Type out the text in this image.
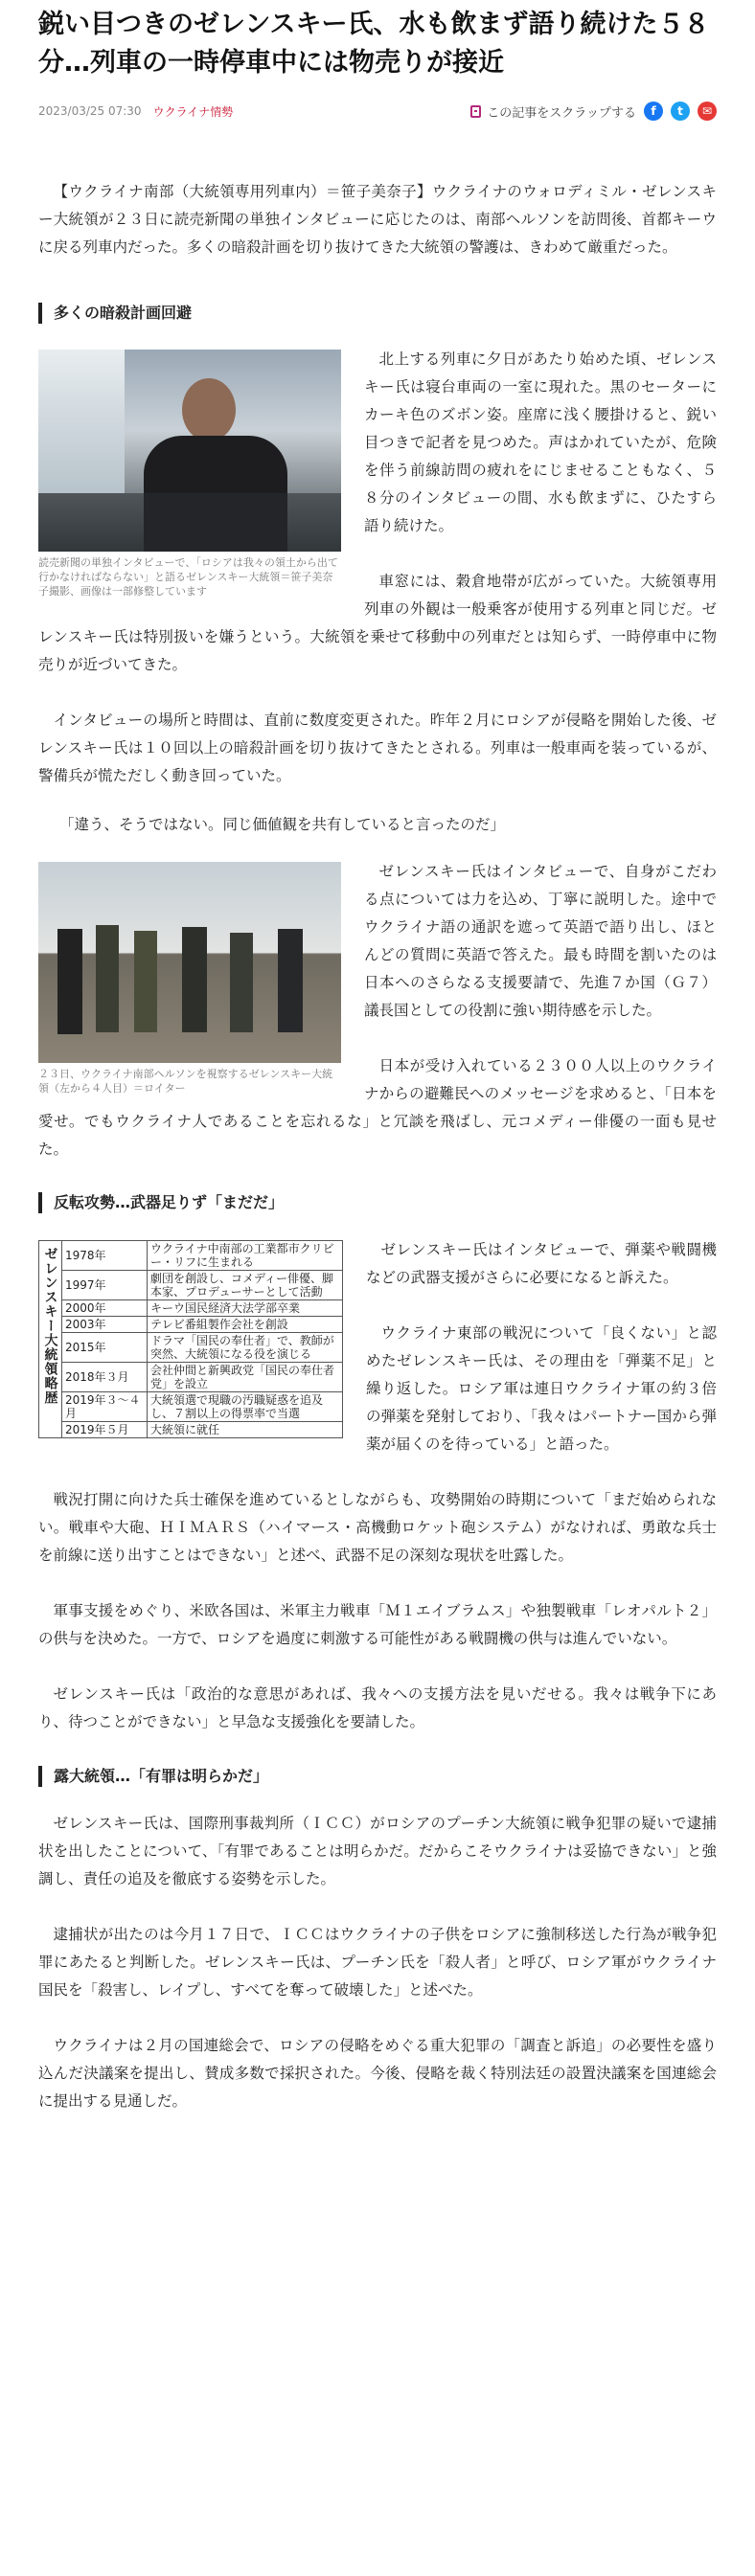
鋭い目つきのゼレンスキー氏、水も飲まず語り続けた５８分…列車の一時停車中には物売りが接近
2023/03/25 07:30 ウクライナ情勢	この記事をスクラップする	f	t	✉

【ウクライナ南部（大統領専用列車内）＝笹子美奈子】ウクライナのウォロディミル・ゼレンスキー大統領が２３日に読売新聞の単独インタビューに応じたのは、南部ヘルソンを訪問後、首都キーウに戻る列車内だった。多くの暗殺計画を切り抜けてきた大統領の警護は、きわめて厳重だった。

多くの暗殺計画回避
読売新聞の単独インタビューで、「ロシアは我々の領土から出て行かなければならない」と語るゼレンスキー大統領＝笹子美奈子撮影、画像は一部修整しています

北上する列車に夕日があたり始めた頃、ゼレンスキー氏は寝台車両の一室に現れた。黒のセーターにカーキ色のズボン姿。座席に浅く腰掛けると、鋭い目つきで記者を見つめた。声はかれていたが、危険を伴う前線訪問の疲れをにじませることもなく、５８分のインタビューの間、水も飲まずに、ひたすら語り続けた。

車窓には、穀倉地帯が広がっていた。大統領専用列車の外観は一般乗客が使用する列車と同じだ。ゼレンスキー氏は特別扱いを嫌うという。大統領を乗せて移動中の列車だとは知らず、一時停車中に物売りが近づいてきた。

インタビューの場所と時間は、直前に数度変更された。昨年２月にロシアが侵略を開始した後、ゼレンスキー氏は１０回以上の暗殺計画を切り抜けてきたとされる。列車は一般車両を装っているが、警備兵が慌ただしく動き回っていた。

「違う、そうではない。同じ価値観を共有していると言ったのだ」

２３日、ウクライナ南部ヘルソンを視察するゼレンスキー大統領（左から４人目）＝ロイター

ゼレンスキー氏はインタビューで、自身がこだわる点については力を込め、丁寧に説明した。途中でウクライナ語の通訳を遮って英語で語り出し、ほとんどの質問に英語で答えた。最も時間を割いたのは日本へのさらなる支援要請で、先進７か国（Ｇ７）議長国としての役割に強い期待感を示した。

日本が受け入れている２３００人以上のウクライナからの避難民へのメッセージを求めると、「日本を愛せ。でもウクライナ人であることを忘れるな」と冗談を飛ばし、元コメディー俳優の一面も見せた。

反転攻勢…武器足りず「まだだ」
ゼレンスキー大統領略歴 1978年	ウクライナ中南部の工業都市クリビー・リフに生まれる
1997年	劇団を創設し、コメディー俳優、脚本家、プロデューサーとして活動
2000年	キーウ国民経済大法学部卒業
2003年	テレビ番組製作会社を創設
2015年	ドラマ「国民の奉仕者」で、教師が突然、大統領になる役を演じる
2018年３月	会社仲間と新興政党「国民の奉仕者党」を設立
2019年３～４月	大統領選で現職の汚職疑惑を追及し、７割以上の得票率で当選
2019年５月	大統領に就任

ゼレンスキー氏はインタビューで、弾薬や戦闘機などの武器支援がさらに必要になると訴えた。

ウクライナ東部の戦況について「良くない」と認めたゼレンスキー氏は、その理由を「弾薬不足」と繰り返した。ロシア軍は連日ウクライナ軍の約３倍の弾薬を発射しており、「我々はパートナー国から弾薬が届くのを待っている」と語った。

戦況打開に向けた兵士確保を進めているとしながらも、攻勢開始の時期について「まだ始められない。戦車や大砲、ＨＩＭＡＲＳ（ハイマース・高機動ロケット砲システム）がなければ、勇敢な兵士を前線に送り出すことはできない」と述べ、武器不足の深刻な現状を吐露した。

軍事支援をめぐり、米欧各国は、米軍主力戦車「Ｍ１エイブラムス」や独製戦車「レオパルト２」の供与を決めた。一方で、ロシアを過度に刺激する可能性がある戦闘機の供与は進んでいない。

ゼレンスキー氏は「政治的な意思があれば、我々への支援方法を見いだせる。我々は戦争下にあり、待つことができない」と早急な支援強化を要請した。

露大統領…「有罪は明らかだ」

ゼレンスキー氏は、国際刑事裁判所（ＩＣＣ）がロシアのプーチン大統領に戦争犯罪の疑いで逮捕状を出したことについて、「有罪であることは明らかだ。だからこそウクライナは妥協できない」と強調し、責任の追及を徹底する姿勢を示した。

逮捕状が出たのは今月１７日で、ＩＣＣはウクライナの子供をロシアに強制移送した行為が戦争犯罪にあたると判断した。ゼレンスキー氏は、プーチン氏を「殺人者」と呼び、ロシア軍がウクライナ国民を「殺害し、レイプし、すべてを奪って破壊した」と述べた。

ウクライナは２月の国連総会で、ロシアの侵略をめぐる重大犯罪の「調査と訴追」の必要性を盛り込んだ決議案を提出し、賛成多数で採択された。今後、侵略を裁く特別法廷の設置決議案を国連総会に提出する見通しだ。
